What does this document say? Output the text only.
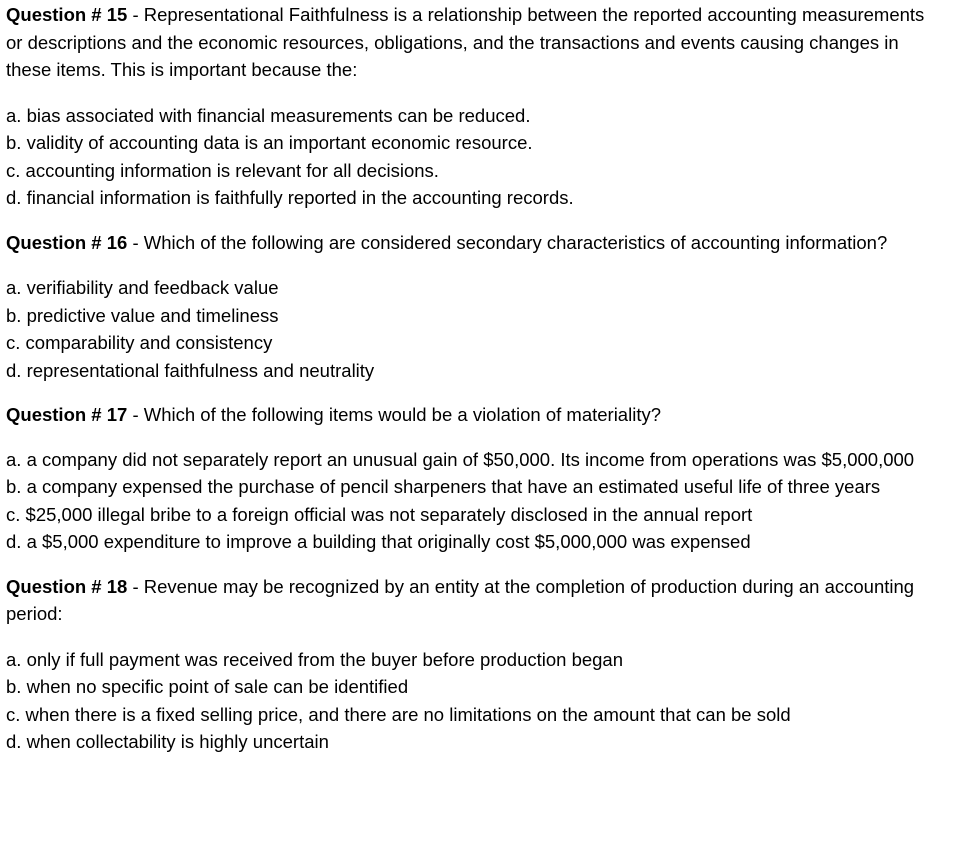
Question # 15 - Representational Faithfulness is a relationship between the reported accounting measurements or descriptions and the economic resources, obligations, and the transactions and events causing changes in these items. This is important because the:

a. bias associated with financial measurements can be reduced.
b. validity of accounting data is an important economic resource.
c. accounting information is relevant for all decisions.
d. financial information is faithfully reported in the accounting records.

Question # 16 - Which of the following are considered secondary characteristics of accounting information?

a. verifiability and feedback value
b. predictive value and timeliness
c. comparability and consistency
d. representational faithfulness and neutrality

Question # 17 - Which of the following items would be a violation of materiality?

a. a company did not separately report an unusual gain of $50,000. Its income from operations was $5,000,000
b. a company expensed the purchase of pencil sharpeners that have an estimated useful life of three years
c. $25,000 illegal bribe to a foreign official was not separately disclosed in the annual report
d. a $5,000 expenditure to improve a building that originally cost $5,000,000 was expensed

Question # 18 - Revenue may be recognized by an entity at the completion of production during an accounting period:

a. only if full payment was received from the buyer before production began
b. when no specific point of sale can be identified
c. when there is a fixed selling price, and there are no limitations on the amount that can be sold
d. when collectability is highly uncertain
